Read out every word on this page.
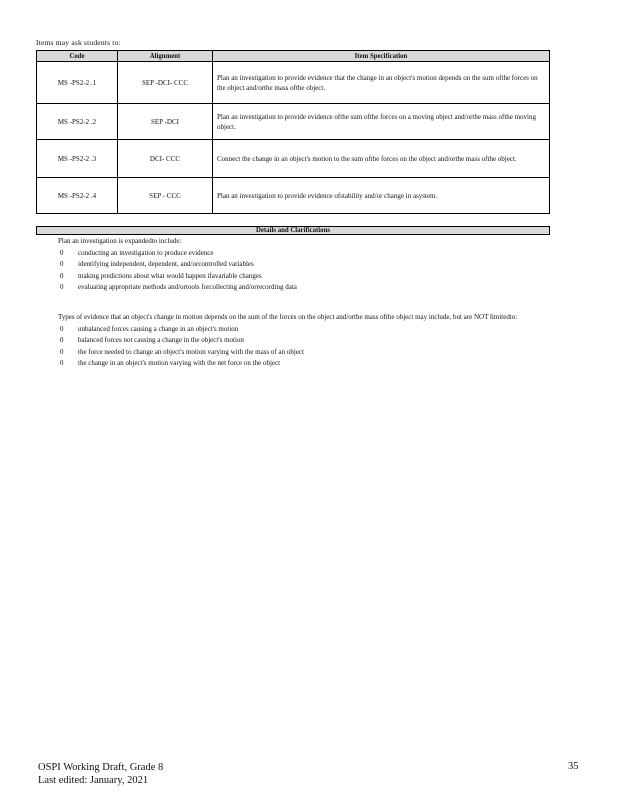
Items may ask students to:
Code	Alignment	Item Specification
MS -PS2-2 .1	SEP -DCI- CCC	Plan an investigation to provide evidence that the change in an object's motion depends on the sum ofthe forces on the object and/orthe mass ofthe object.
MS -PS2-2 .2	SEP -DCI	Plan an investigation to provide evidence ofthe sum ofthe forces on a moving object and/orthe mass ofthe moving object.
MS -PS2-2 .3	DCI- CCC	Connect the change in an object's motion to the sum ofthe forces on the object and/orthe mass ofthe object.
MS -PS2-2 .4	SEP - CCC	Plan an investigation to provide evidence ofstability and/or change in asystem.
Details and Clarifications
Plan an investigation is expandedto include:
0 conducting an investigation to produce evidence
0 identifying independent, dependent, and/orcontrolled variables
0 making predictions about what would happen ifavariable changes
0 evaluating appropriate methods and/ortools forcollecting and/orrecording data
Types of evidence that an object's change in motion depends on the sum of the forces on the object and/orthe mass ofthe object may include, but are NOT limitedto:
0 unbalanced forces causing a change in an object's motion
0 balanced forces not causing a change in the object's motion
0 the force needed to change an object's motion varying with the mass of an object
0 the change in an object's motion varying with the net force on the object
OSPI Working Draft, Grade 8
Last edited: January, 2021
35
